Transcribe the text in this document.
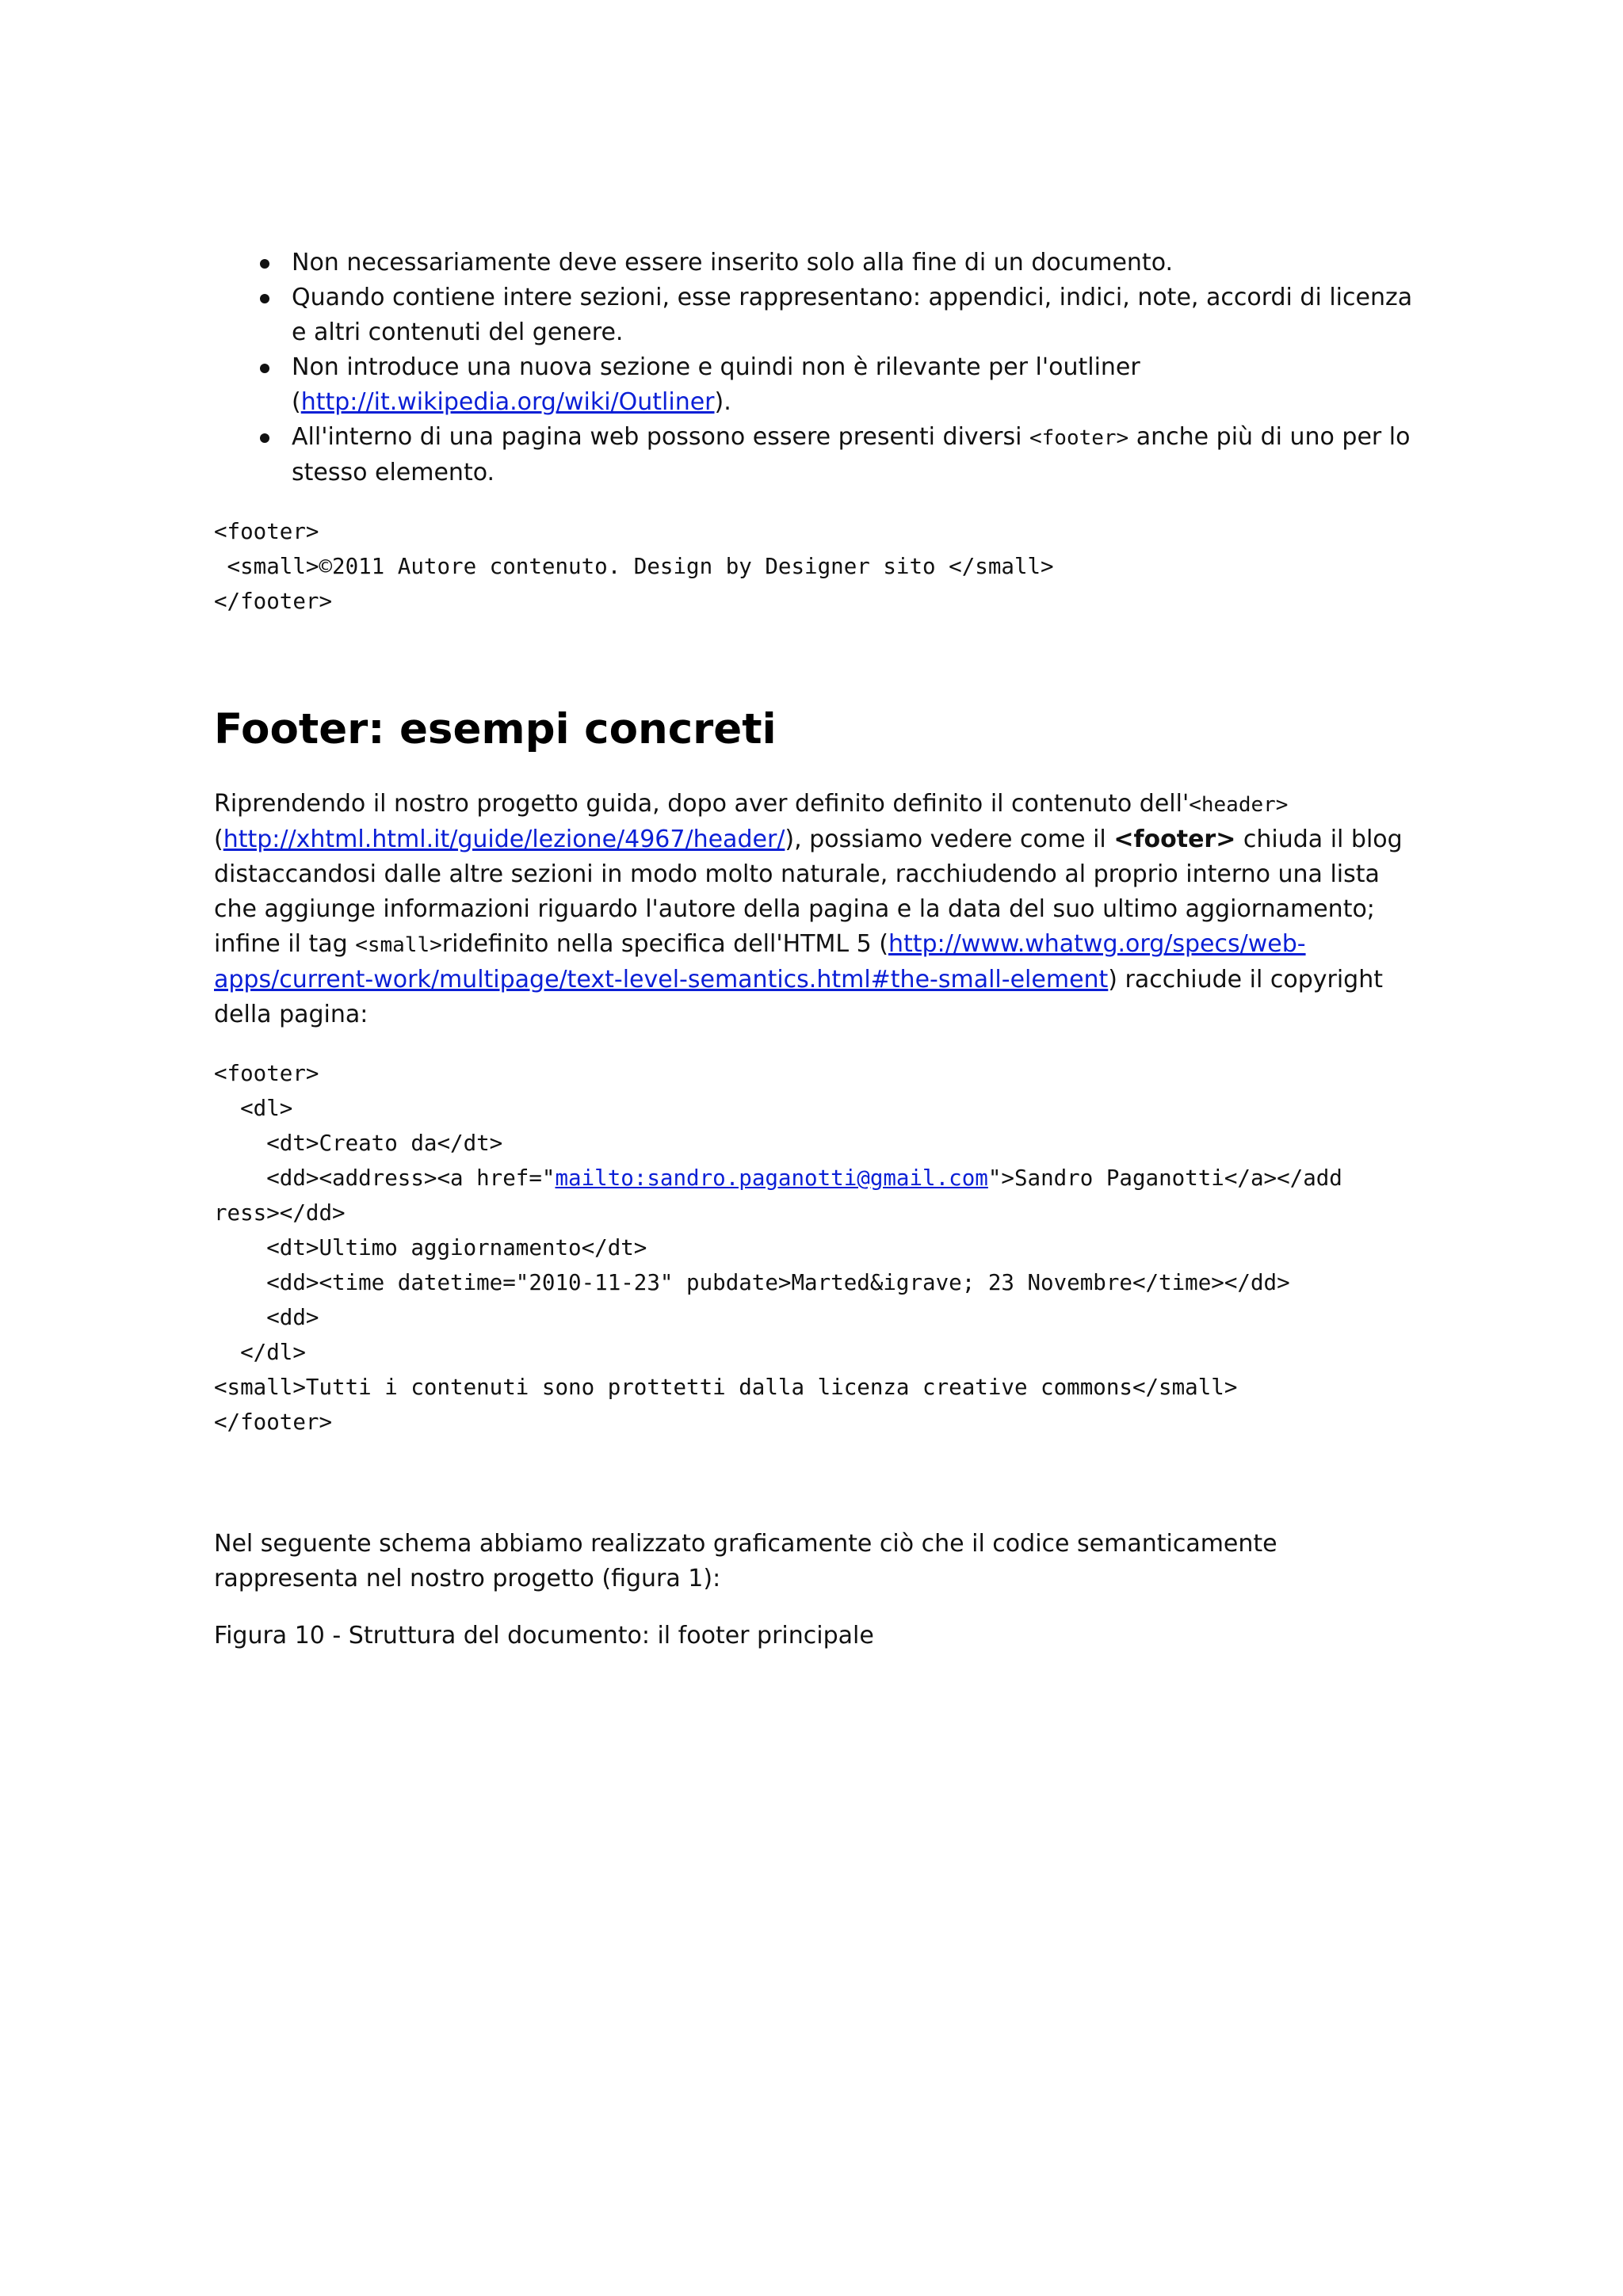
Non necessariamente deve essere inserito solo alla fine di un documento.
Quando contiene intere sezioni, esse rappresentano: appendici, indici, note, accordi di licenza e altri contenuti del genere.
Non introduce una nuova sezione e quindi non è rilevante per l'outliner (http://it.wikipedia.org/wiki/Outliner).
All'interno di una pagina web possono essere presenti diversi <footer> anche più di uno per lo stesso elemento.
<footer>
<small>©2011 Autore contenuto. Design by Designer sito </small>
</footer>
Footer: esempi concreti

Riprendendo il nostro progetto guida, dopo aver definito definito il contenuto dell'<header>
(http://xhtml.html.it/guide/lezione/4967/header/), possiamo vedere come il <footer> chiuda il blog distaccandosi dalle altre sezioni in modo molto naturale, racchiudendo al proprio interno una lista che aggiunge informazioni riguardo l'autore della pagina e la data del suo ultimo aggiornamento; infine il tag <small>ridefinito nella specifica dell'HTML 5 (http://www.whatwg.org/specs/web-apps/current-work/multipage/text-level-semantics.html#the-small-element) racchiude il copyright della pagina:

<footer>
<dl>
<dt>Creato da</dt>
<dd><address><a href="mailto:sandro.paganotti@gmail.com">Sandro Paganotti</a></add
ress></dd>
<dt>Ultimo aggiornamento</dt>
<dd><time datetime="2010-11-23" pubdate>Marted&igrave; 23 Novembre</time></dd>
<dd>
</dl>
<small>Tutti i contenuti sono prottetti dalla licenza creative commons</small>
</footer>

Nel seguente schema abbiamo realizzato graficamente ciò che il codice semanticamente rappresenta nel nostro progetto (figura 1):

Figura 10 - Struttura del documento: il footer principale
